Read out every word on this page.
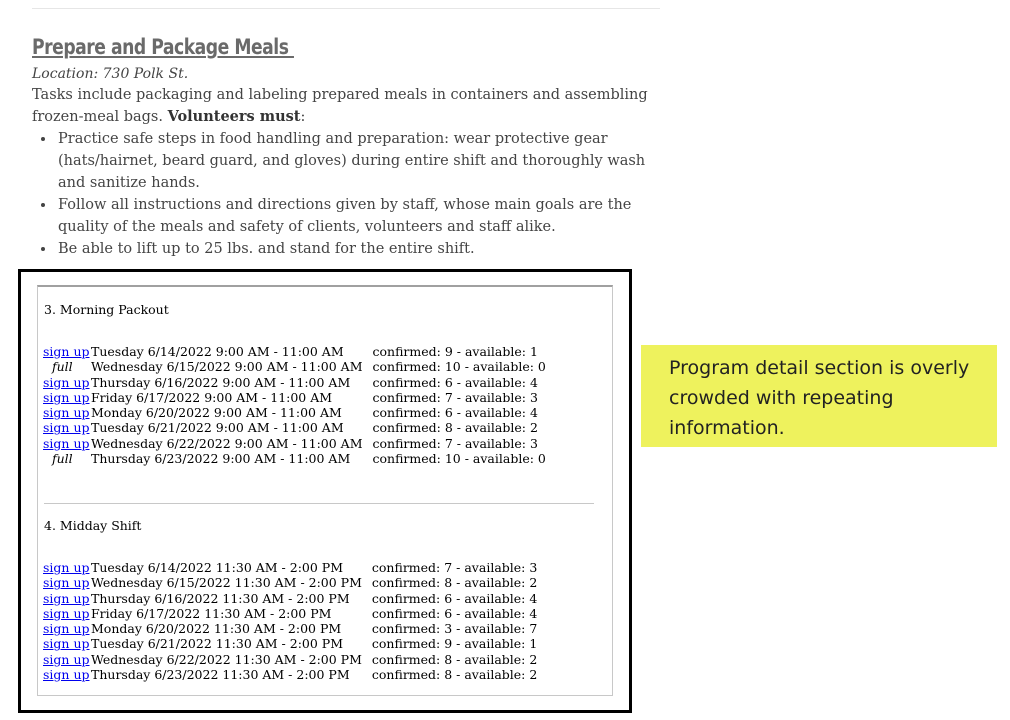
Prepare and Package Meals
Location: 730 Polk St.
Tasks include packaging and labeling prepared meals in containers and assembling frozen-meal bags. Volunteers must:
• Practice safe steps in food handling and preparation: wear protective gear (hats/hairnet, beard guard, and gloves) during entire shift and thoroughly wash and sanitize hands.
• Follow all instructions and directions given by staff, whose main goals are the quality of the meals and safety of clients, volunteers and staff alike.
• Be able to lift up to 25 lbs. and stand for the entire shift.
3. Morning Packout
sign up	Tuesday 6/14/2022 9:00 AM - 11:00 AM	confirmed: 9 - available: 1
full	Wednesday 6/15/2022 9:00 AM - 11:00 AM	confirmed: 10 - available: 0
sign up	Thursday 6/16/2022 9:00 AM - 11:00 AM	confirmed: 6 - available: 4
sign up	Friday 6/17/2022 9:00 AM - 11:00 AM	confirmed: 7 - available: 3
sign up	Monday 6/20/2022 9:00 AM - 11:00 AM	confirmed: 6 - available: 4
sign up	Tuesday 6/21/2022 9:00 AM - 11:00 AM	confirmed: 8 - available: 2
sign up	Wednesday 6/22/2022 9:00 AM - 11:00 AM	confirmed: 7 - available: 3
full	Thursday 6/23/2022 9:00 AM - 11:00 AM	confirmed: 10 - available: 0
4. Midday Shift
sign up	Tuesday 6/14/2022 11:30 AM - 2:00 PM	confirmed: 7 - available: 3
sign up	Wednesday 6/15/2022 11:30 AM - 2:00 PM	confirmed: 8 - available: 2
sign up	Thursday 6/16/2022 11:30 AM - 2:00 PM	confirmed: 6 - available: 4
sign up	Friday 6/17/2022 11:30 AM - 2:00 PM	confirmed: 6 - available: 4
sign up	Monday 6/20/2022 11:30 AM - 2:00 PM	confirmed: 3 - available: 7
sign up	Tuesday 6/21/2022 11:30 AM - 2:00 PM	confirmed: 9 - available: 1
sign up	Wednesday 6/22/2022 11:30 AM - 2:00 PM	confirmed: 8 - available: 2
sign up	Thursday 6/23/2022 11:30 AM - 2:00 PM	confirmed: 8 - available: 2
Program detail section is overly crowded with repeating information.
